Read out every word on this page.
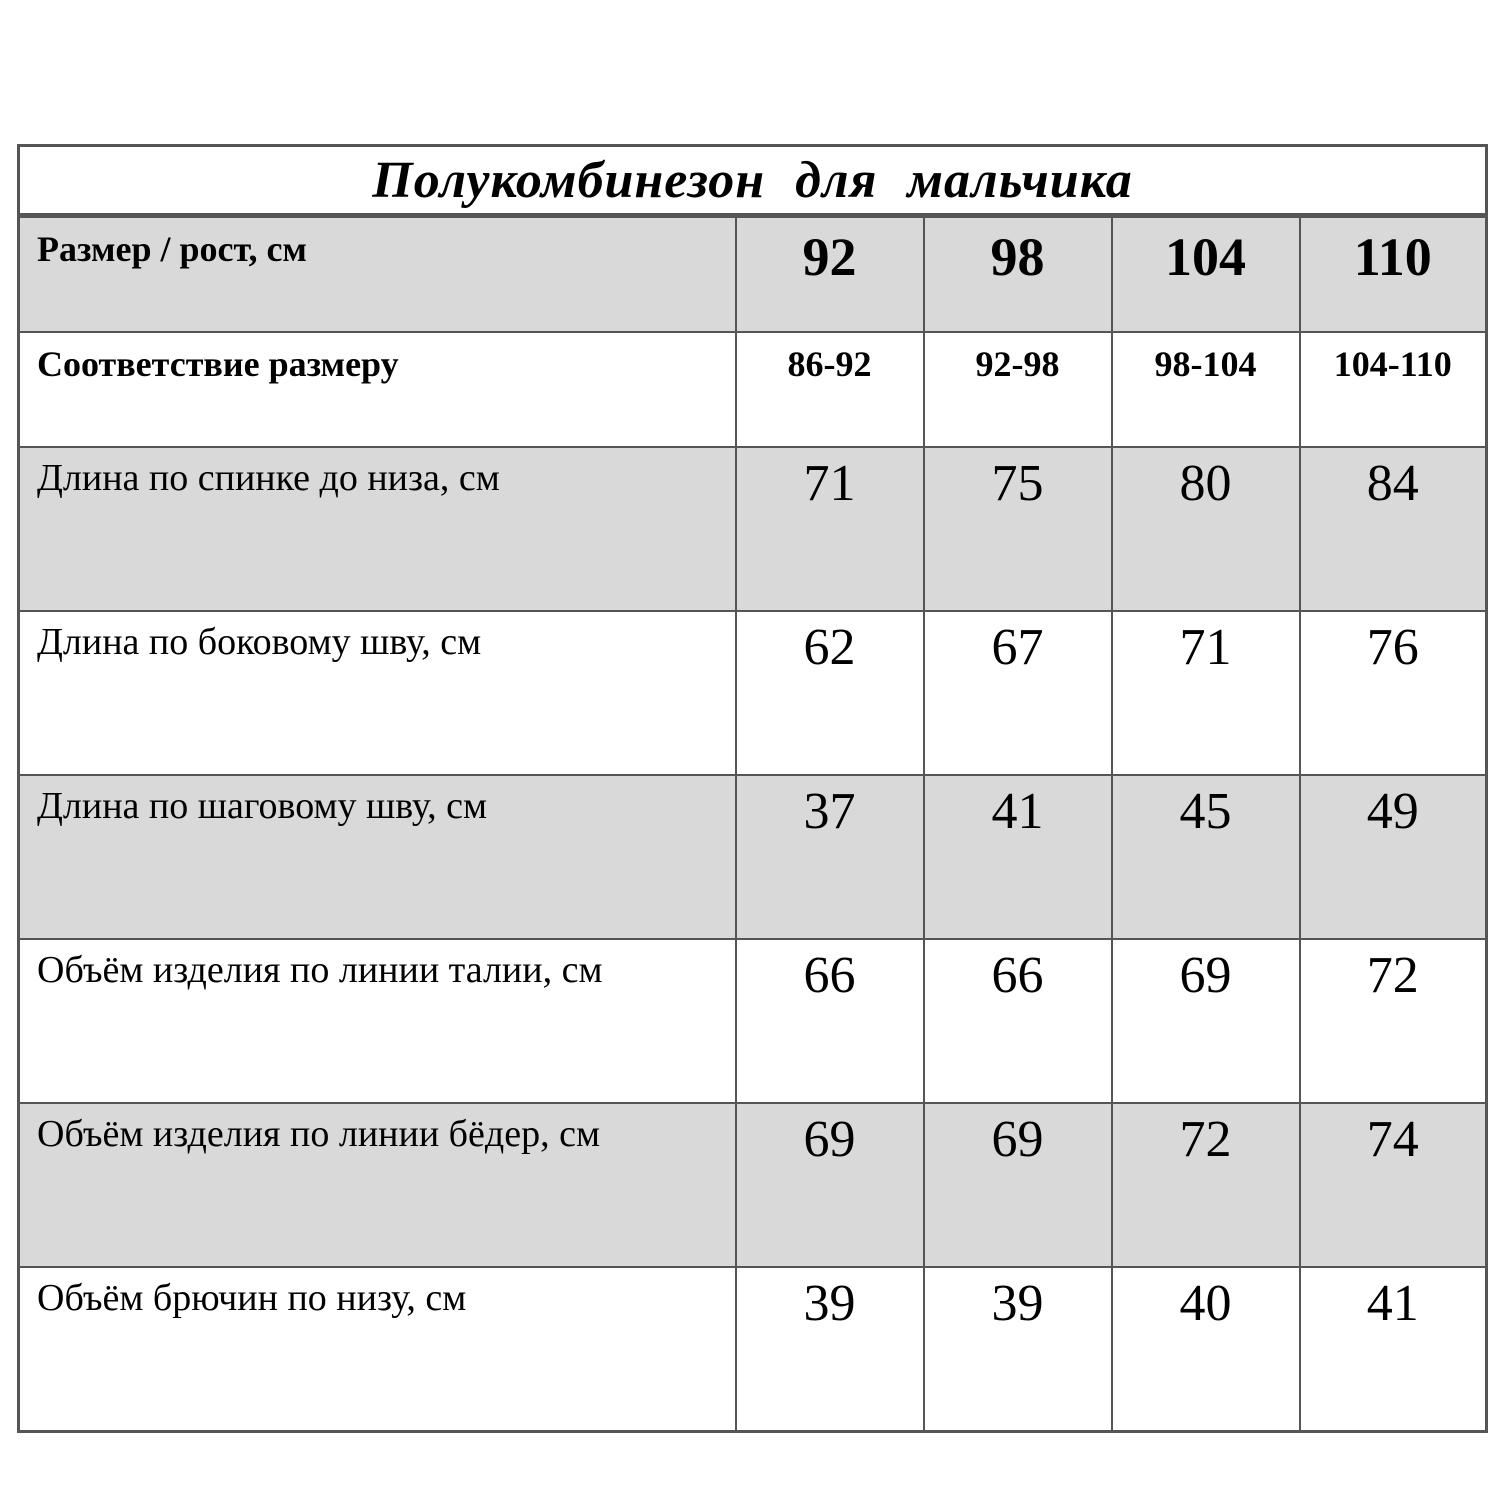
Полукомбинезон для мальчика				
Размер / рост, см	92	98	104	110
Соответствие размеру	86-92	92-98	98-104	104-110
Длина по спинке до низа, см	71	75	80	84
Длина по боковому шву, см	62	67	71	76
Длина по шаговому шву, см	37	41	45	49
Объём изделия по линии талии, см	66	66	69	72
Объём изделия по линии бёдер, см	69	69	72	74
Объём брючин по низу, см	39	39	40	41
